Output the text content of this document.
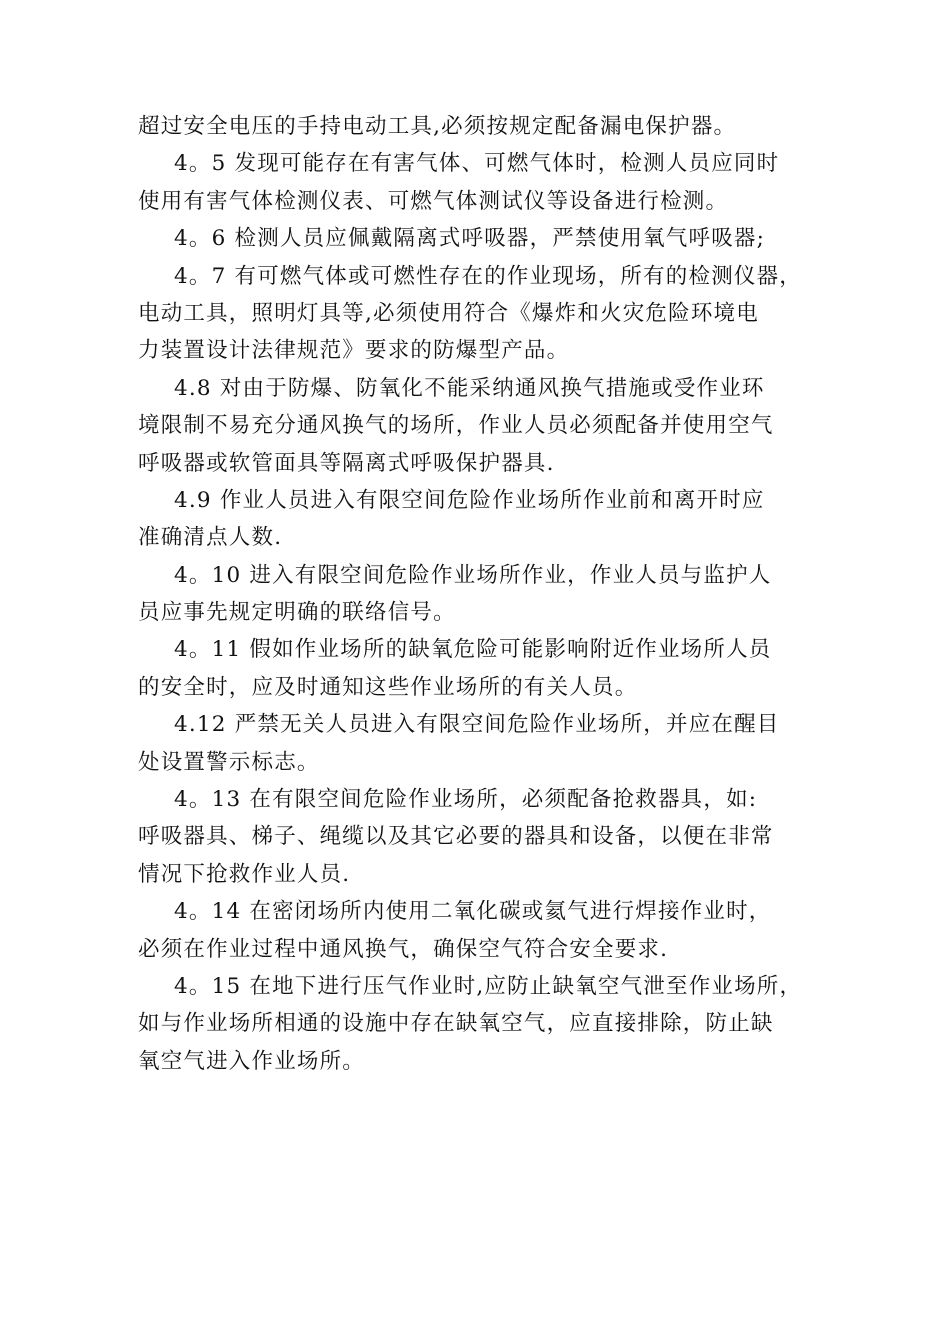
超过安全电压的手持电动工具,必须按规定配备漏电保护器。
4。5 发现可能存在有害气体、可燃气体时，检测人员应同时
使用有害气体检测仪表、可燃气体测试仪等设备进行检测。
4。6 检测人员应佩戴隔离式呼吸器，严禁使用氧气呼吸器;
4。7 有可燃气体或可燃性存在的作业现场，所有的检测仪器，
电动工具，照明灯具等,必须使用符合《爆炸和火灾危险环境电
力装置设计法律规范》要求的防爆型产品。
4.8 对由于防爆、防氧化不能采纳通风换气措施或受作业环
境限制不易充分通风换气的场所，作业人员必须配备并使用空气
呼吸器或软管面具等隔离式呼吸保护器具.
4.9 作业人员进入有限空间危险作业场所作业前和离开时应
准确清点人数.
4。10 进入有限空间危险作业场所作业，作业人员与监护人
员应事先规定明确的联络信号。
4。11 假如作业场所的缺氧危险可能影响附近作业场所人员
的安全时，应及时通知这些作业场所的有关人员。
4.12 严禁无关人员进入有限空间危险作业场所，并应在醒目
处设置警示标志。
4。13 在有限空间危险作业场所，必须配备抢救器具，如:
呼吸器具、梯子、绳缆以及其它必要的器具和设备，以便在非常
情况下抢救作业人员.
4。14 在密闭场所内使用二氧化碳或氦气进行焊接作业时，
必须在作业过程中通风换气，确保空气符合安全要求.
4。15 在地下进行压气作业时,应防止缺氧空气泄至作业场所，
如与作业场所相通的设施中存在缺氧空气，应直接排除，防止缺
氧空气进入作业场所。
